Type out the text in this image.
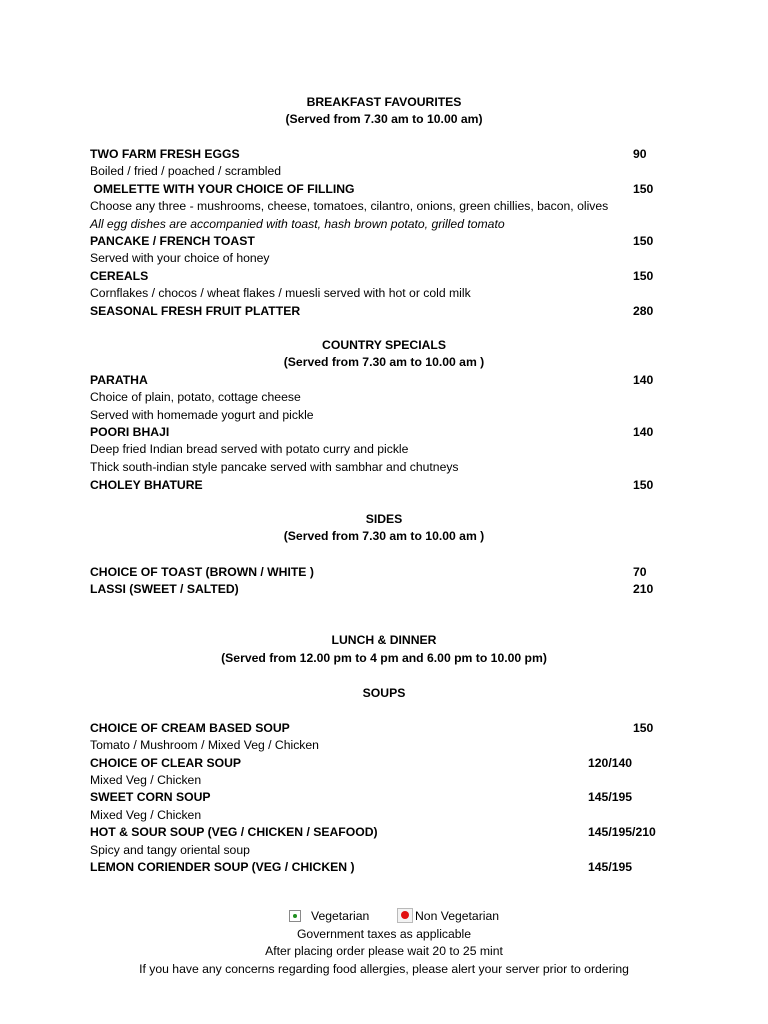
BREAKFAST FAVOURITES
(Served from 7.30 am to 10.00 am)
TWO FARM FRESH EGGS	90
Boiled / fried / poached / scrambled
OMELETTE WITH YOUR CHOICE OF FILLING	150
Choose any three - mushrooms, cheese, tomatoes, cilantro, onions, green chillies, bacon, olives
All egg dishes are accompanied with toast, hash brown potato, grilled tomato
PANCAKE / FRENCH TOAST	150
Served with your choice of honey
CEREALS	150
Cornflakes / chocos / wheat flakes / muesli served with hot or cold milk
SEASONAL FRESH FRUIT PLATTER	280
COUNTRY SPECIALS
(Served from 7.30 am to 10.00 am )
PARATHA	140
Choice of plain, potato, cottage cheese
Served with homemade yogurt and pickle
POORI BHAJI	140
Deep fried Indian bread served with potato curry and pickle
Thick south-indian style pancake served with sambhar and chutneys
CHOLEY BHATURE	150
SIDES
(Served from 7.30 am to 10.00 am )
CHOICE OF TOAST (BROWN / WHITE )	70
LASSI (SWEET / SALTED)	210
LUNCH & DINNER
(Served from 12.00 pm to 4 pm and 6.00 pm to 10.00 pm)
SOUPS
CHOICE OF CREAM BASED SOUP	150
Tomato / Mushroom / Mixed Veg / Chicken
CHOICE OF CLEAR SOUP	120/140
Mixed Veg / Chicken
SWEET CORN SOUP	145/195
Mixed Veg / Chicken
HOT & SOUR SOUP (VEG / CHICKEN / SEAFOOD)	145/195/210
Spicy and tangy oriental soup
LEMON CORIENDER SOUP (VEG / CHICKEN )	145/195
Vegetarian	Non Vegetarian
Government taxes as applicable
After placing order please wait 20 to 25 mint
If you have any concerns regarding food allergies, please alert your server prior to ordering
